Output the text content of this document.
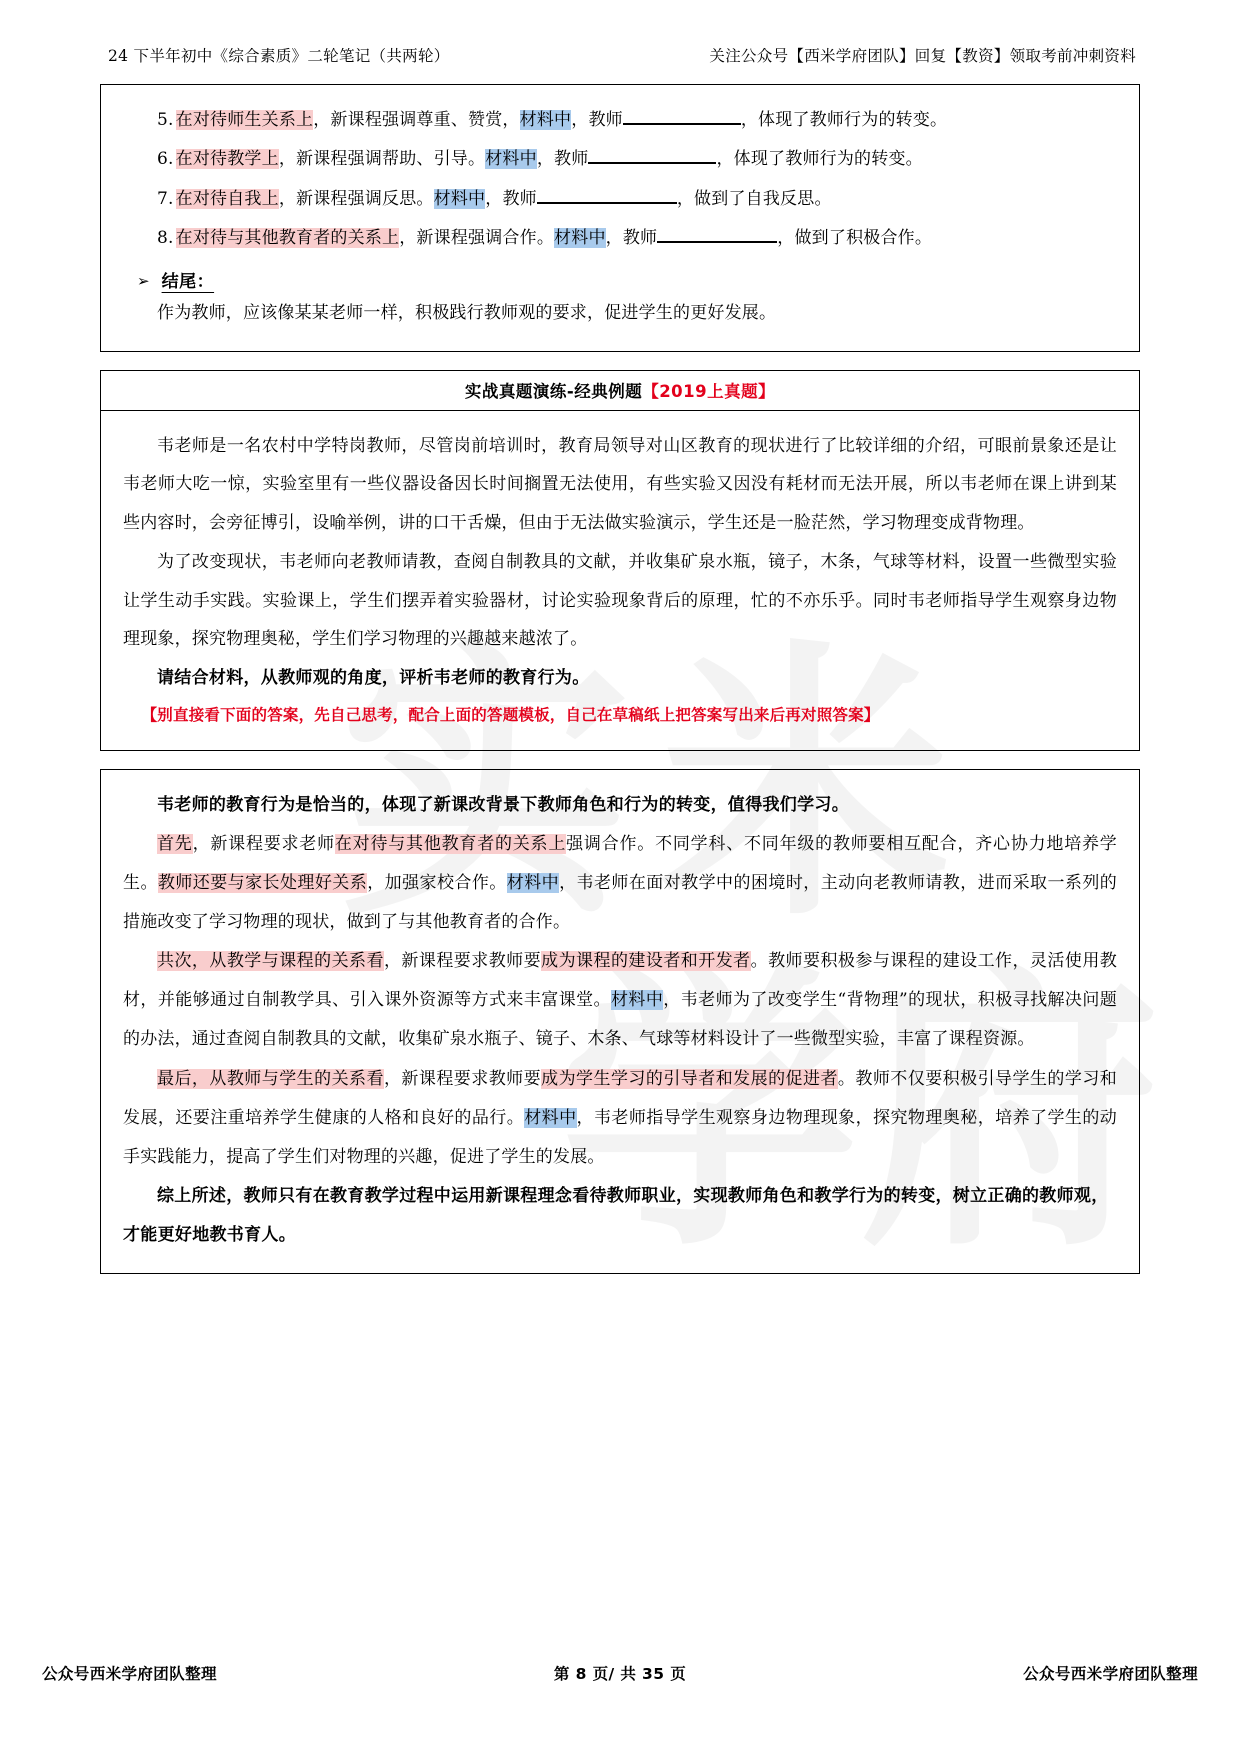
24 下半年初中《综合素质》二轮笔记（共两轮）	关注公众号【西米学府团队】回复【教资】领取考前冲刺资料

5. 在对待师生关系上，新课程强调尊重、赞赏，材料中，教师	，体现了教师行为的转变。

6. 在对待教学上，新课程强调帮助、引导。材料中，教师	，体现了教师行为的转变。

7. 在对待自我上，新课程强调反思。材料中，教师	，做到了自我反思。

8. 在对待与其他教育者的关系上，新课程强调合作。材料中，教师	，做到了积极合作。

➢ 结尾：

作为教师，应该像某某老师一样，积极践行教师观的要求，促进学生的更好发展。

实战真题演练-经典例题【2019上真题】

韦老师是一名农村中学特岗教师，尽管岗前培训时，教育局领导对山区教育的现状进行了比较详细的介绍，可眼前景象还是让韦老师大吃一惊，实验室里有一些仪器设备因长时间搁置无法使用，有些实验又因没有耗材而无法开展，所以韦老师在课上讲到某些内容时，会旁征博引，设喻举例，讲的口干舌燥，但由于无法做实验演示，学生还是一脸茫然，学习物理变成背物理。

为了改变现状，韦老师向老教师请教，查阅自制教具的文献，并收集矿泉水瓶，镜子，木条，气球等材料，设置一些微型实验让学生动手实践。实验课上，学生们摆弄着实验器材，讨论实验现象背后的原理，忙的不亦乐乎。同时韦老师指导学生观察身边物理现象，探究物理奥秘，学生们学习物理的兴趣越来越浓了。

请结合材料，从教师观的角度，评析韦老师的教育行为。

【别直接看下面的答案，先自己思考，配合上面的答题模板，自己在草稿纸上把答案写出来后再对照答案】

韦老师的教育行为是恰当的，体现了新课改背景下教师角色和行为的转变，值得我们学习。

首先，新课程要求老师在对待与其他教育者的关系上强调合作。不同学科、不同年级的教师要相互配合，齐心协力地培养学生。教师还要与家长处理好关系，加强家校合作。材料中，韦老师在面对教学中的困境时，主动向老教师请教，进而采取一系列的措施改变了学习物理的现状，做到了与其他教育者的合作。

共次，从教学与课程的关系看，新课程要求教师要成为课程的建设者和开发者。教师要积极参与课程的建设工作，灵活使用教材，并能够通过自制教学具、引入课外资源等方式来丰富课堂。材料中，韦老师为了改变学生“背物理”的现状，积极寻找解决问题的办法，通过查阅自制教具的文献，收集矿泉水瓶子、镜子、木条、气球等材料设计了一些微型实验，丰富了课程资源。

最后，从教师与学生的关系看，新课程要求教师要成为学生学习的引导者和发展的促进者。教师不仅要积极引导学生的学习和发展，还要注重培养学生健康的人格和良好的品行。材料中，韦老师指导学生观察身边物理现象，探究物理奥秘，培养了学生的动手实践能力，提高了学生们对物理的兴趣，促进了学生的发展。

综上所述，教师只有在教育教学过程中运用新课程理念看待教师职业，实现教师角色和教学行为的转变，树立正确的教师观，才能更好地教书育人。

公众号西米学府团队整理	第 8 页/ 共 35 页	公众号西米学府团队整理
